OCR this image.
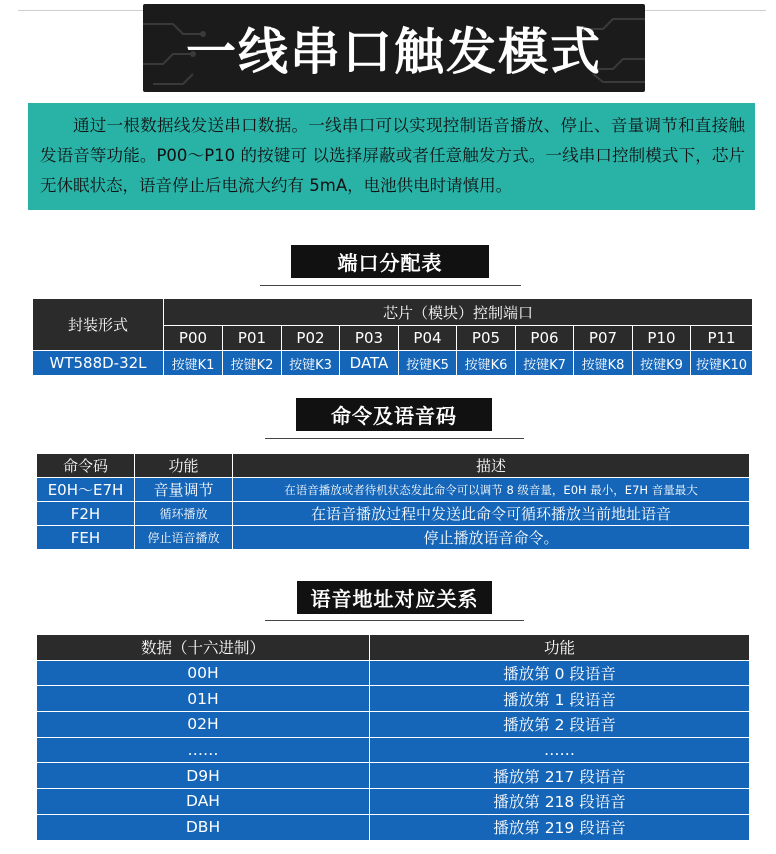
一线串口触发模式

通过一根数据线发送串口数据。一线串口可以实现控制语音播放、停止、音量调节和直接触发语音等功能。P00～P10 的按键可 以选择屏蔽或者任意触发方式。一线串口控制模式下，芯片无休眠状态，语音停止后电流大约有 5mA，电池供电时请慎用。

端口分配表
封装形式	芯片（模块）控制端口									
	P00	P01	P02	P03	P04	P05	P06	P07	P10	P11
WT588D-32L	按键K1	按键K2	按键K3	DATA	按键K5	按键K6	按键K7	按键K8	按键K9	按键K10
命令及语音码
命令码	功能	描述
E0H～E7H	音量调节	在语音播放或者待机状态发此命令可以调节 8 级音量，E0H 最小，E7H 音量最大
F2H	循环播放	在语音播放过程中发送此命令可循环播放当前地址语音
FEH	停止语音播放	停止播放语音命令。
语音地址对应关系
数据（十六进制）	功能
00H	播放第 0 段语音
01H	播放第 1 段语音
02H	播放第 2 段语音
……	……
D9H	播放第 217 段语音
DAH	播放第 218 段语音
DBH	播放第 219 段语音
